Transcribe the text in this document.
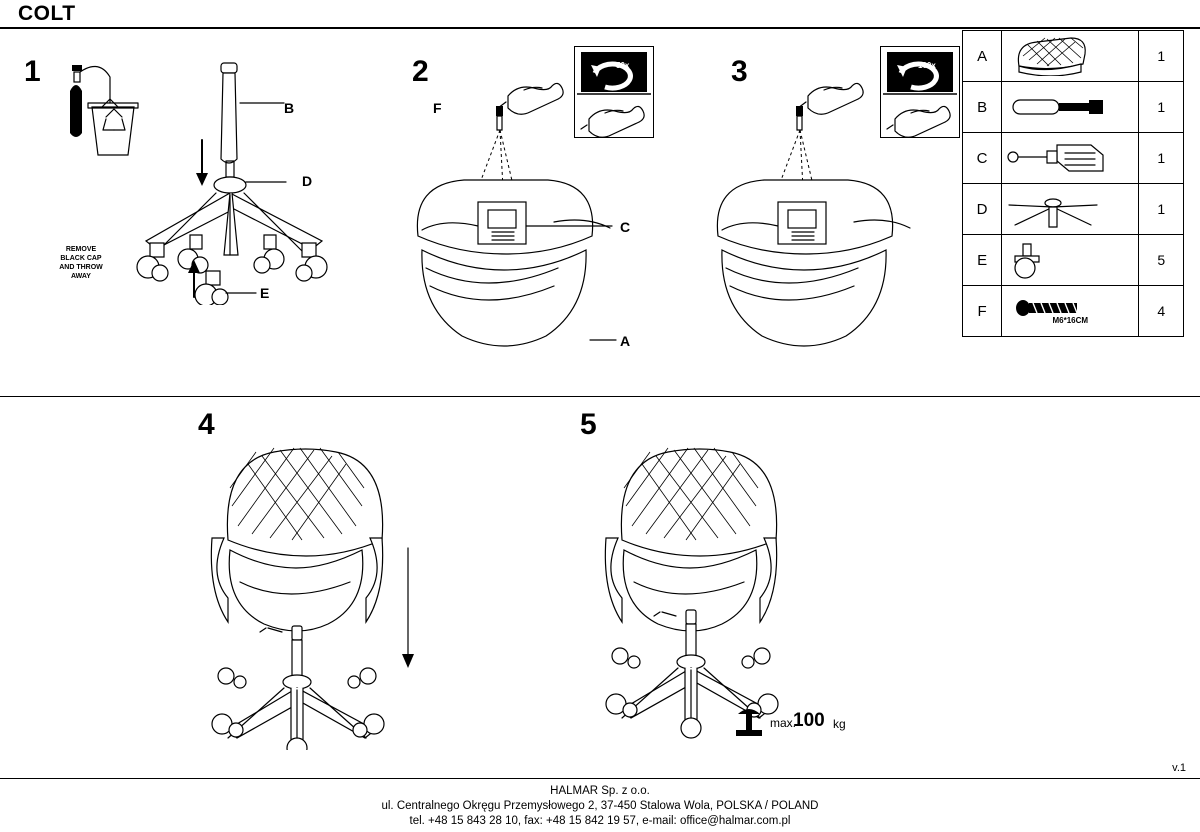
COLT
1
B
D
E
REMOVE
BLACK CAP
AND THROW
AWAY
2
F
C
A
50x	3	100x
4	5
max.
100 kg
A		1
B		1
C		1
D		1
E		5
F	M6*16CM	4
v.1
HALMAR Sp. z o.o.
ul. Centralnego Okręgu Przemysłowego 2, 37-450 Stalowa Wola, POLSKA / POLAND
tel. +48 15 843 28 10, fax: +48 15 842 19 57, e-mail: office@halmar.com.pl
